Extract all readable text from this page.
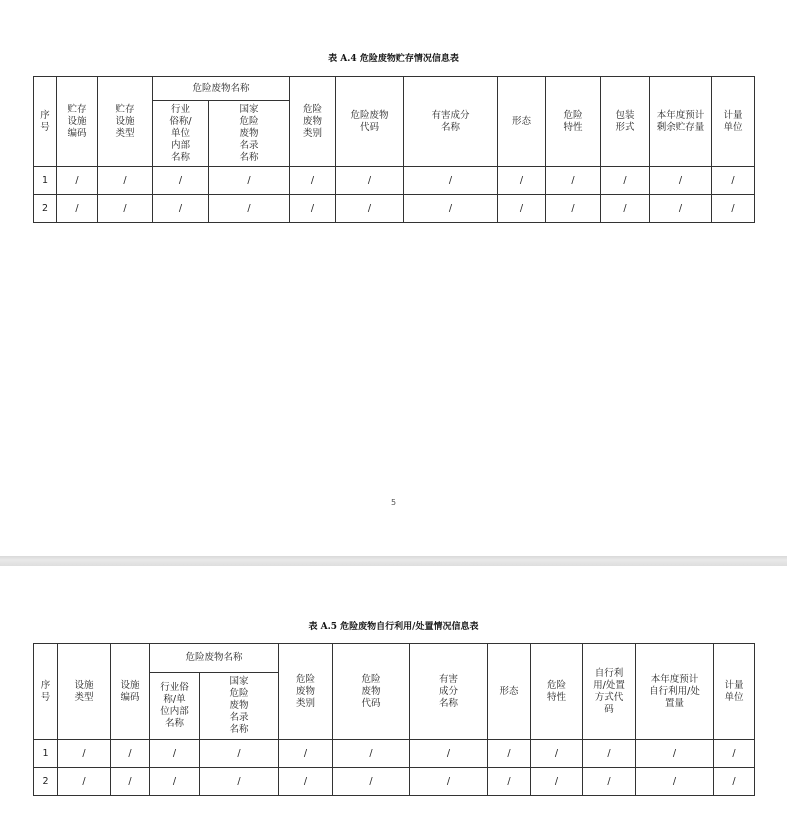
表 A.4 危险废物贮存情况信息表
序
号	贮存
设施
编码	贮存
设施
类型	危险废物名称		危险
废物
类别	危险废物
代码	有害成分
名称	形态	危险
特性	包装
形式	本年度预计
剩余贮存量	计量
单位
			行业
俗称/
单位
内部
名称	国家
危险
废物
名录
名称								
1	/	/	/	/	/	/	/	/	/	/	/	/
2	/	/	/	/	/	/	/	/	/	/	/	/
5
表 A.5 危险废物自行利用/处置情况信息表
序
号	设施
类型	设施
编码	危险废物名称		危险
废物
类别	危险
废物
代码	有害
成分
名称	形态	危险
特性	自行利
用/处置
方式代
码	本年度预计
自行利用/处
置量	计量
单位
			行业俗
称/单
位内部
名称	国家
危险
废物
名录
名称								
1	/	/	/	/	/	/	/	/	/	/	/	/
2	/	/	/	/	/	/	/	/	/	/	/	/
